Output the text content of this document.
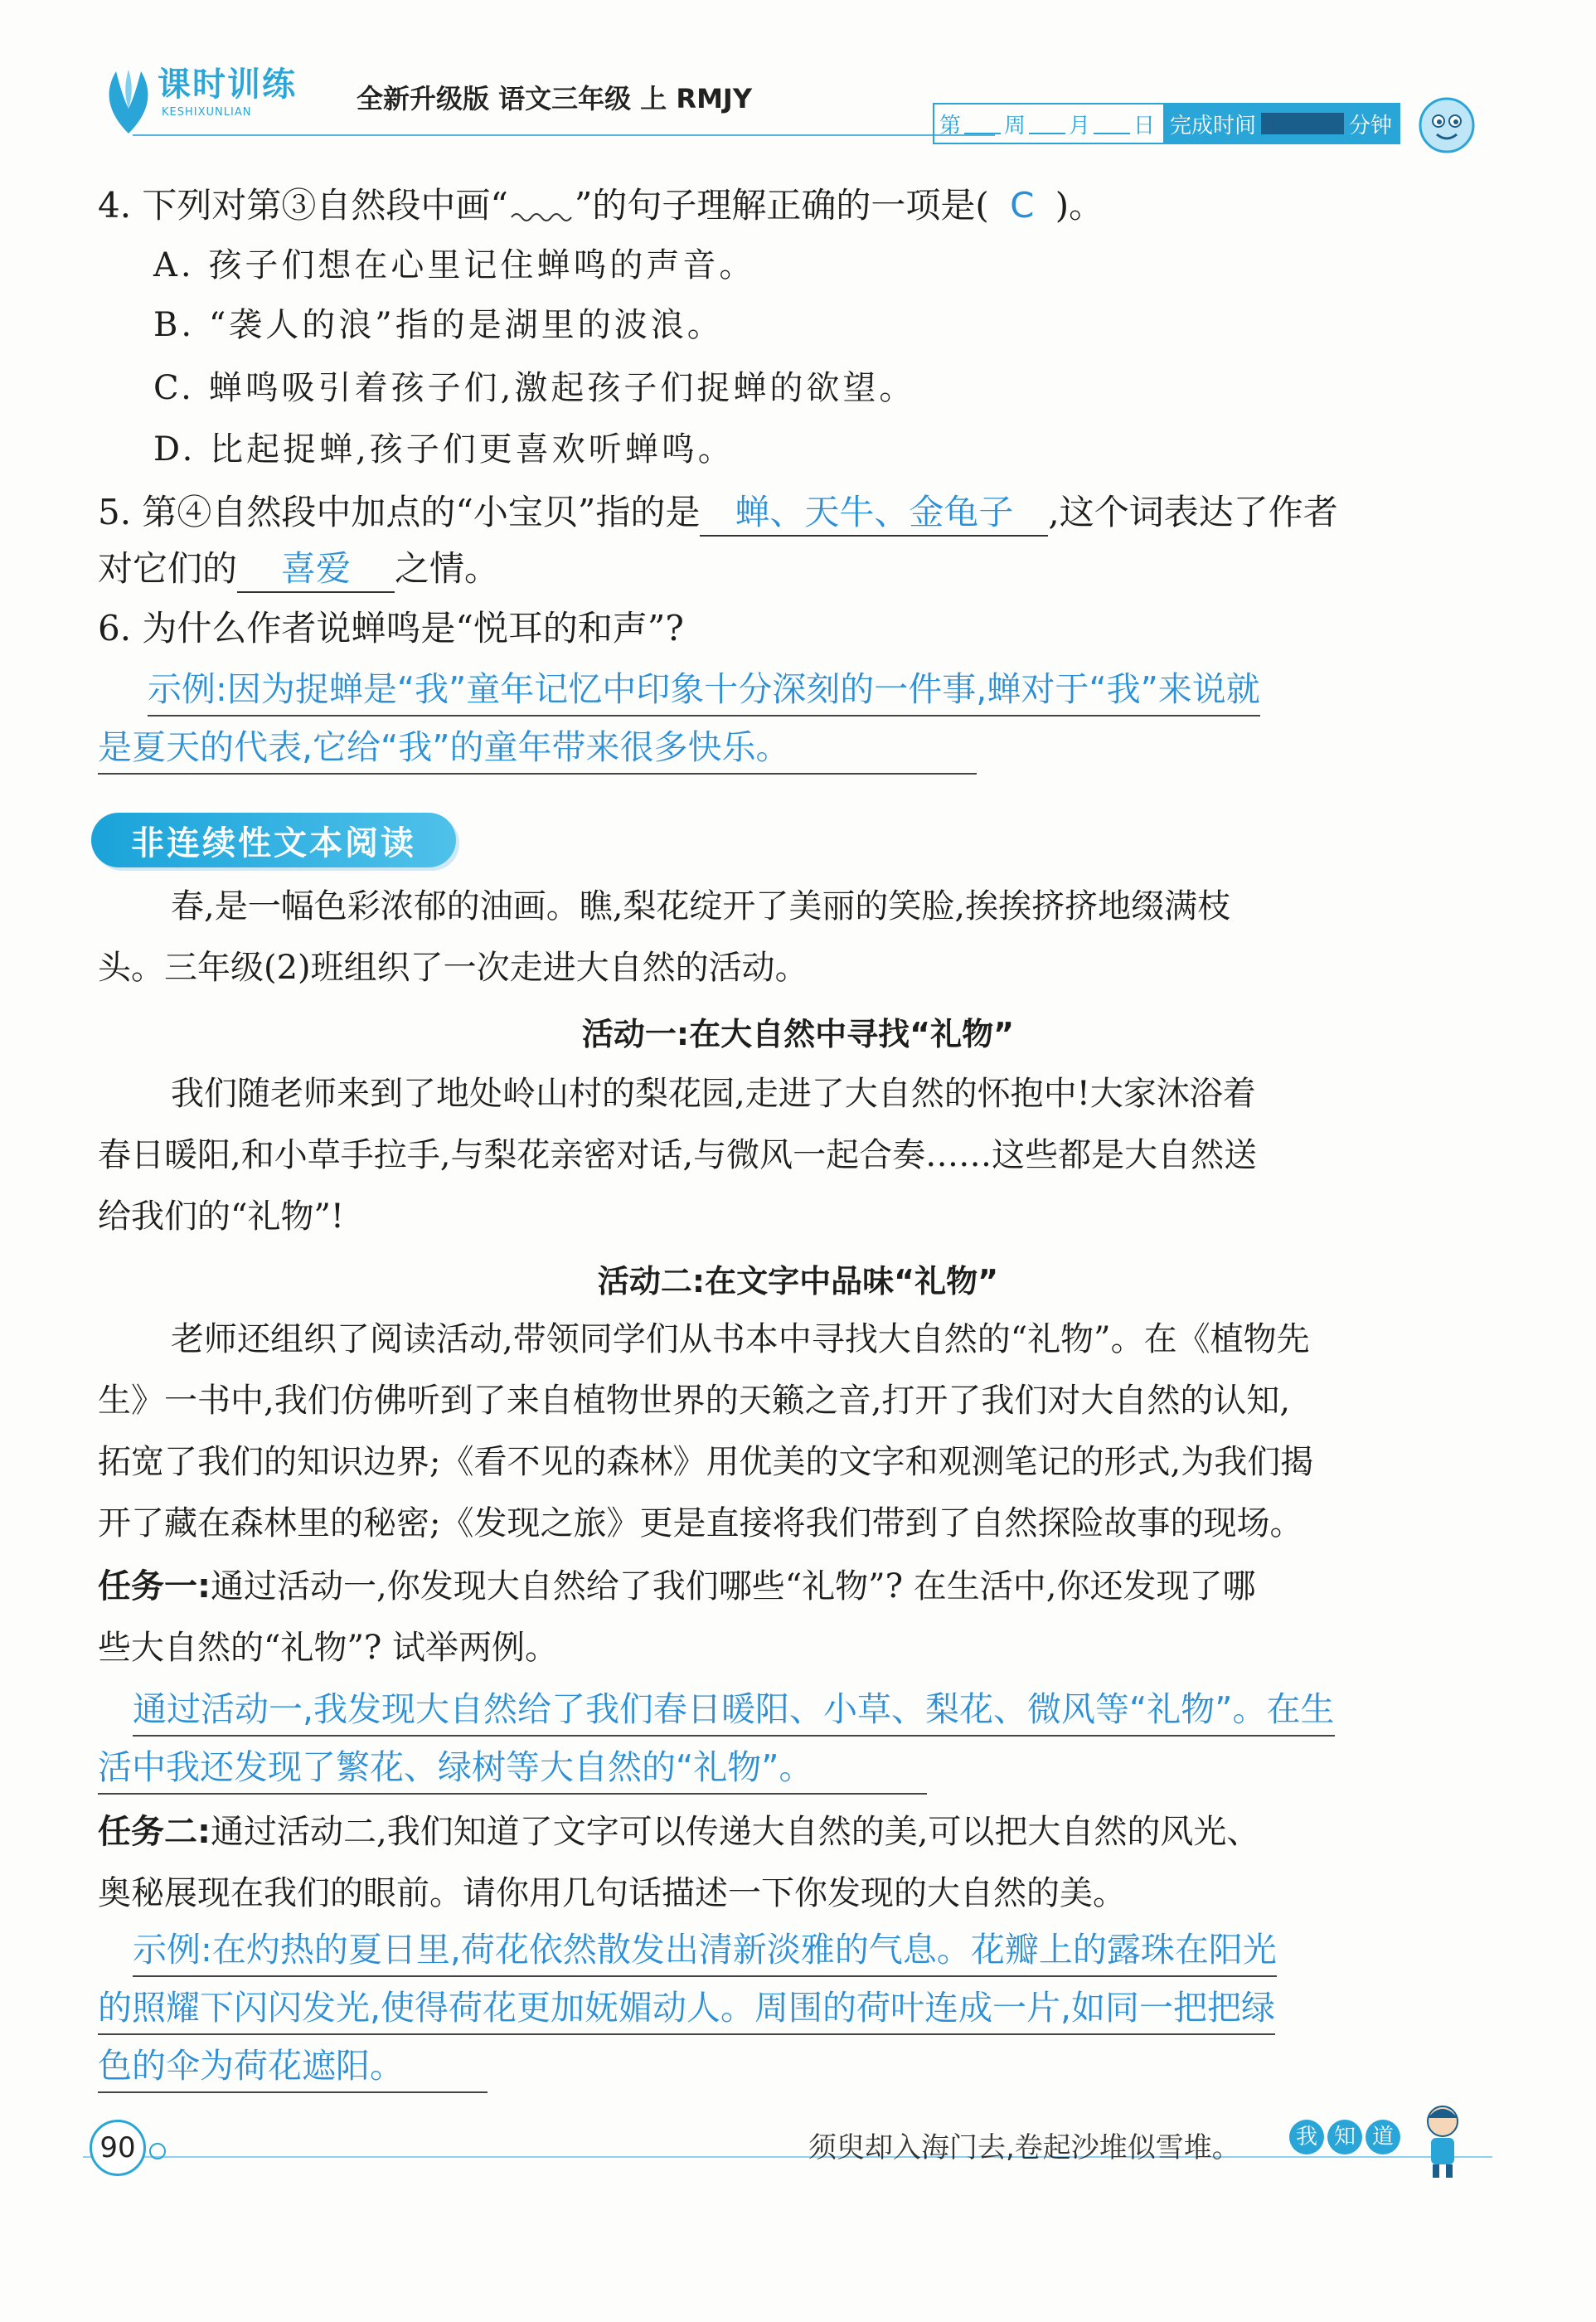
课时训练
KESHIXUNLIAN	全新升级版 语文三年级 上 RMJY
第 周 月 日 完成时间	分钟
4. 下列对第③自然段中画“ ”的句子理解正确的一项是( C )。
A. 孩子们想在心里记住蝉鸣的声音。
B. “袭人的浪”指的是湖里的波浪。
C. 蝉鸣吸引着孩子们,激起孩子们捉蝉的欲望。
D. 比起捉蝉,孩子们更喜欢听蝉鸣。
5. 第④自然段中加点的“小宝贝”指的是 蝉、天牛、金龟子 ,这个词表达了作者
对它们的 喜爱 之情。
6. 为什么作者说蝉鸣是“悦耳的和声”?
示例:因为捉蝉是“我”童年记忆中印象十分深刻的一件事,蝉对于“我”来说就
是夏天的代表,它给“我”的童年带来很多快乐。
非连续性文本阅读
春,是一幅色彩浓郁的油画。瞧,梨花绽开了美丽的笑脸,挨挨挤挤地缀满枝
头。三年级(2)班组织了一次走进大自然的活动。
活动一:在大自然中寻找“礼物”
我们随老师来到了地处岭山村的梨花园,走进了大自然的怀抱中!大家沐浴着
春日暖阳,和小草手拉手,与梨花亲密对话,与微风一起合奏……这些都是大自然送
给我们的“礼物”!
活动二:在文字中品味“礼物”
老师还组织了阅读活动,带领同学们从书本中寻找大自然的“礼物”。在《植物先
生》一书中,我们仿佛听到了来自植物世界的天籁之音,打开了我们对大自然的认知,
拓宽了我们的知识边界;《看不见的森林》用优美的文字和观测笔记的形式,为我们揭
开了藏在森林里的秘密;《发现之旅》更是直接将我们带到了自然探险故事的现场。
任务一:通过活动一,你发现大自然给了我们哪些“礼物”? 在生活中,你还发现了哪
些大自然的“礼物”? 试举两例。
通过活动一,我发现大自然给了我们春日暖阳、小草、梨花、微风等“礼物”。在生
活中我还发现了繁花、绿树等大自然的“礼物”。
任务二:通过活动二,我们知道了文字可以传递大自然的美,可以把大自然的风光、
奥秘展现在我们的眼前。请你用几句话描述一下你发现的大自然的美。
示例:在灼热的夏日里,荷花依然散发出清新淡雅的气息。花瓣上的露珠在阳光
的照耀下闪闪发光,使得荷花更加妩媚动人。周围的荷叶连成一片,如同一把把绿
色的伞为荷花遮阳。
90	须臾却入海门去,卷起沙堆似雪堆。	我 知 道
